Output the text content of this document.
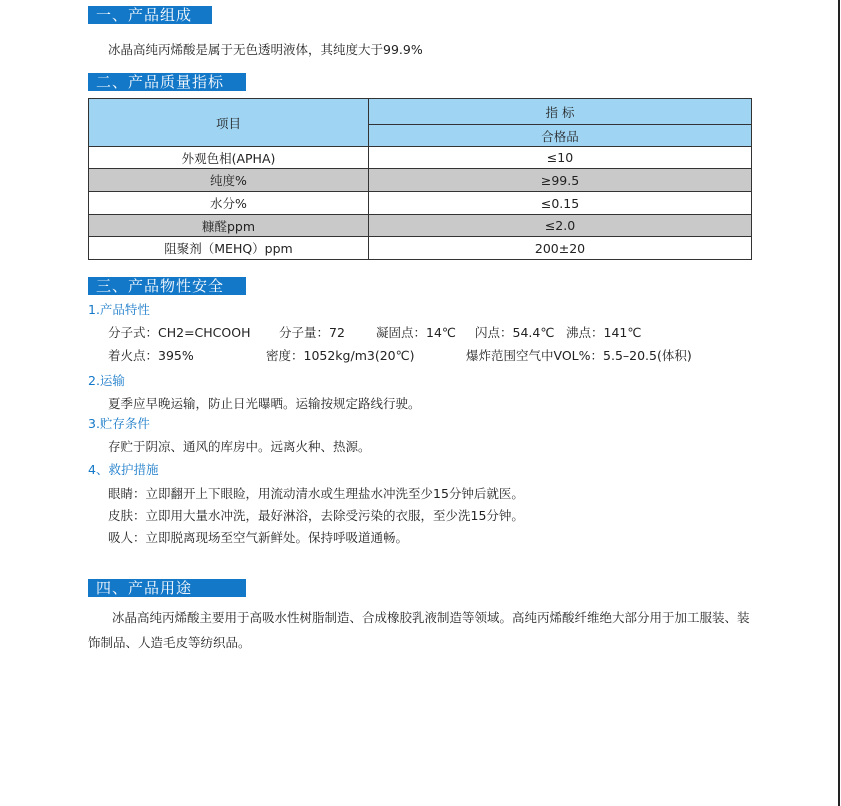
一、产品组成
冰晶高纯丙烯酸是属于无色透明液体，其纯度大于99.9%
二、产品质量指标
项目	指 标
	合格品
外观色相(APHA)	≤10
纯度%	≥99.5
水分%	≤0.15
糠醛ppm	≤2.0
阻聚剂（MEHQ）ppm	200±20
三、产品物性安全
1.产品特性
分子式：CH2=CHCOOH 分子量：72 凝固点：14℃ 闪点：54.4℃ 沸点：141℃
着火点：395%	密度：1052kg/m3(20℃)	爆炸范围空气中VOL%：5.5–20.5(体积)
2.运输
夏季应早晚运输，防止日光曝晒。运输按规定路线行驶。
3.贮存条件
存贮于阴凉、通风的库房中。远离火种、热源。
4、救护措施
眼睛：立即翻开上下眼睑，用流动清水或生理盐水冲洗至少15分钟后就医。
皮肤：立即用大量水冲洗，最好淋浴，去除受污染的衣服，至少洗15分钟。
吸人：立即脱离现场至空气新鲜处。保持呼吸道通畅。
四、产品用途
冰晶高纯丙烯酸主要用于高吸水性树脂制造、合成橡胶乳液制造等领域。高纯丙烯酸纤维绝大部分用于加工服装、装饰制品、人造毛皮等纺织品。
